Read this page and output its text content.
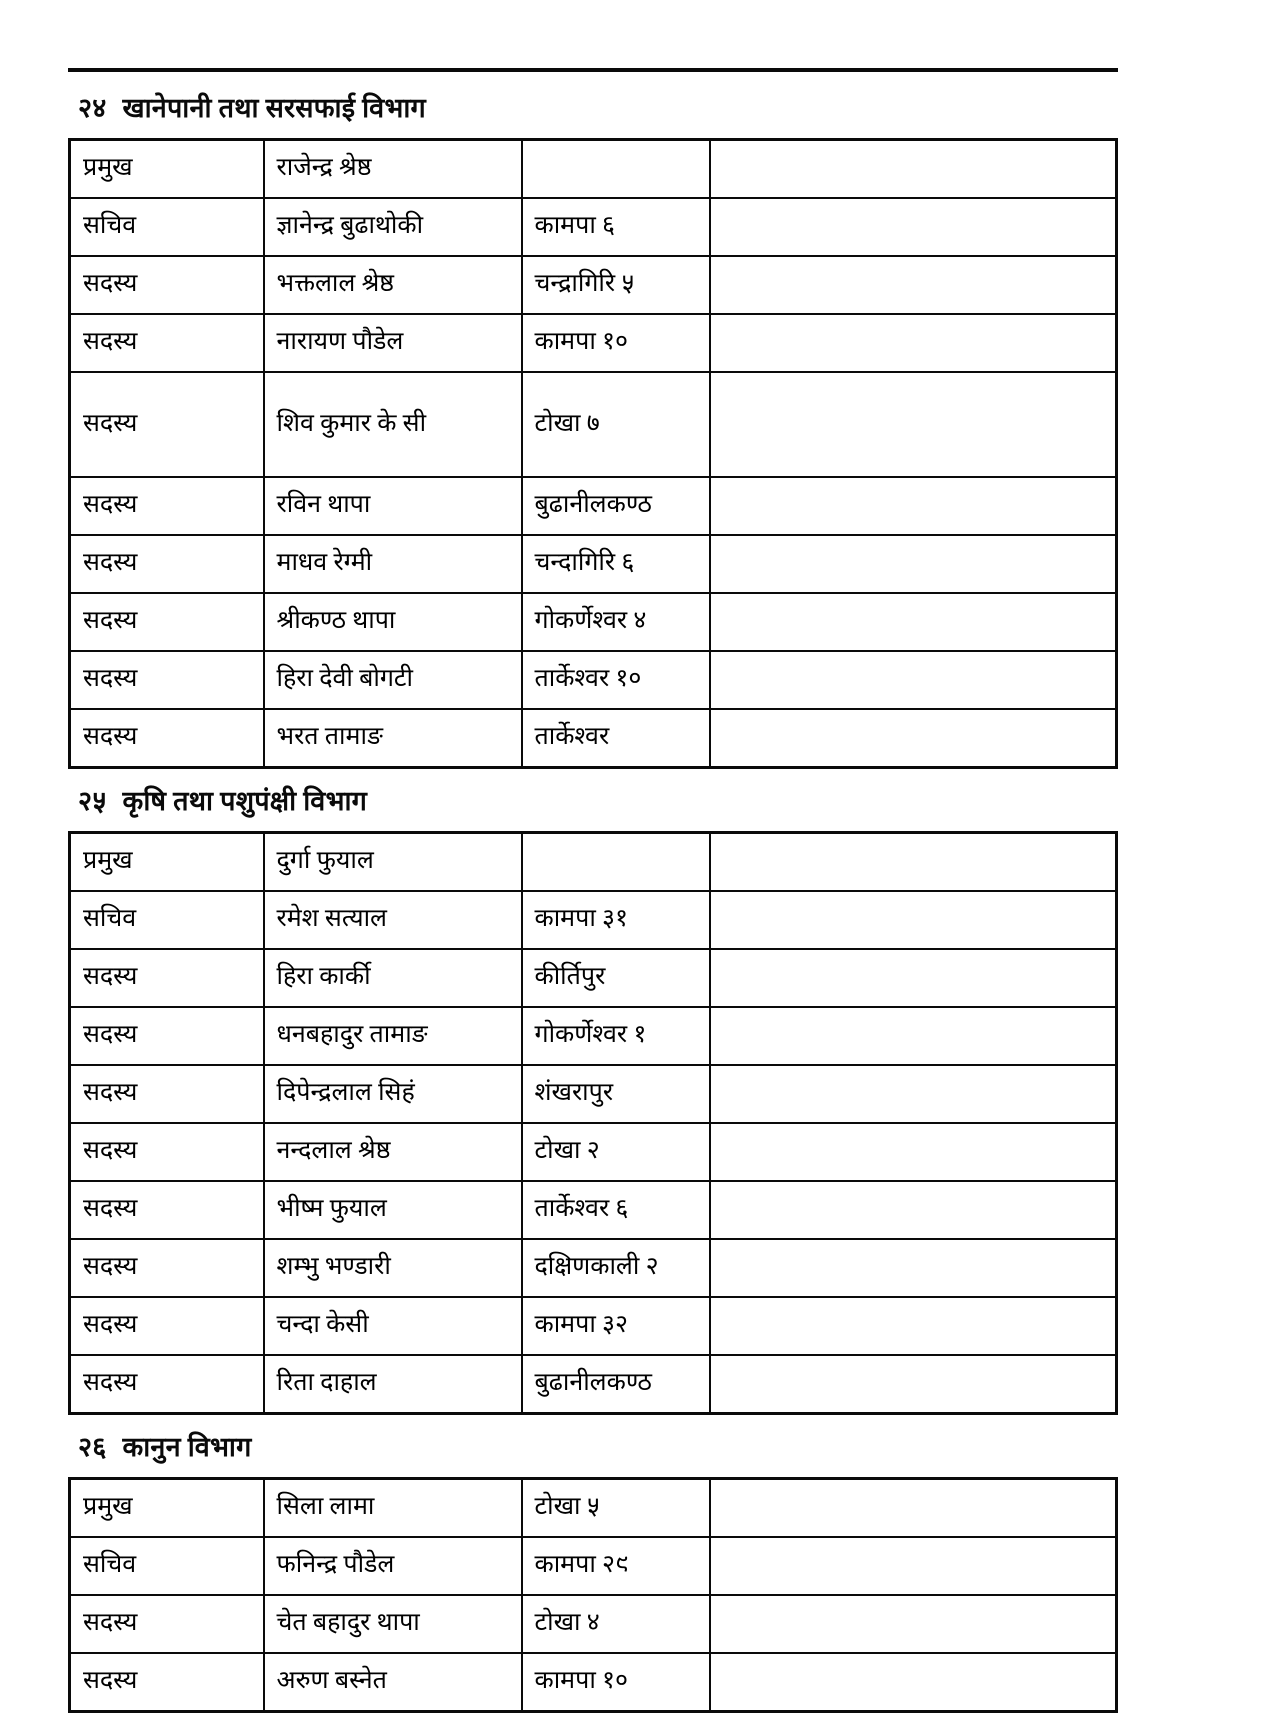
२४ खानेपानी तथा सरसफाई विभाग
प्रमुख	राजेन्द्र श्रेष्ठ		
सचिव	ज्ञानेन्द्र बुढाथोकी	कामपा ६	
सदस्य	भक्तलाल श्रेष्ठ	चन्द्रागिरि ५	
सदस्य	नारायण पौडेल	कामपा १०	
सदस्य	शिव कुमार के सी	टोखा ७	
सदस्य	रविन थापा	बुढानीलकण्ठ	
सदस्य	माधव रेग्मी	चन्दागिरि ६	
सदस्य	श्रीकण्ठ थापा	गोकर्णेश्वर ४	
सदस्य	हिरा देवी बोगटी	तार्केश्वर १०	
सदस्य	भरत तामाङ	तार्केश्वर	
२५ कृषि तथा पशुपंक्षी विभाग
प्रमुख	दुर्गा फुयाल		
सचिव	रमेश सत्याल	कामपा ३१	
सदस्य	हिरा कार्की	कीर्तिपुर	
सदस्य	धनबहादुर तामाङ	गोकर्णेश्वर १	
सदस्य	दिपेन्द्रलाल सिहं	शंखरापुर	
सदस्य	नन्दलाल श्रेष्ठ	टोखा २	
सदस्य	भीष्म फुयाल	तार्केश्वर ६	
सदस्य	शम्भु भण्डारी	दक्षिणकाली २	
सदस्य	चन्दा केसी	कामपा ३२	
सदस्य	रिता दाहाल	बुढानीलकण्ठ	
२६ कानुन विभाग
प्रमुख	सिला लामा	टोखा ५	
सचिव	फनिन्द्र पौडेल	कामपा २९	
सदस्य	चेत बहादुर थापा	टोखा ४	
सदस्य	अरुण बस्नेत	कामपा १०	
